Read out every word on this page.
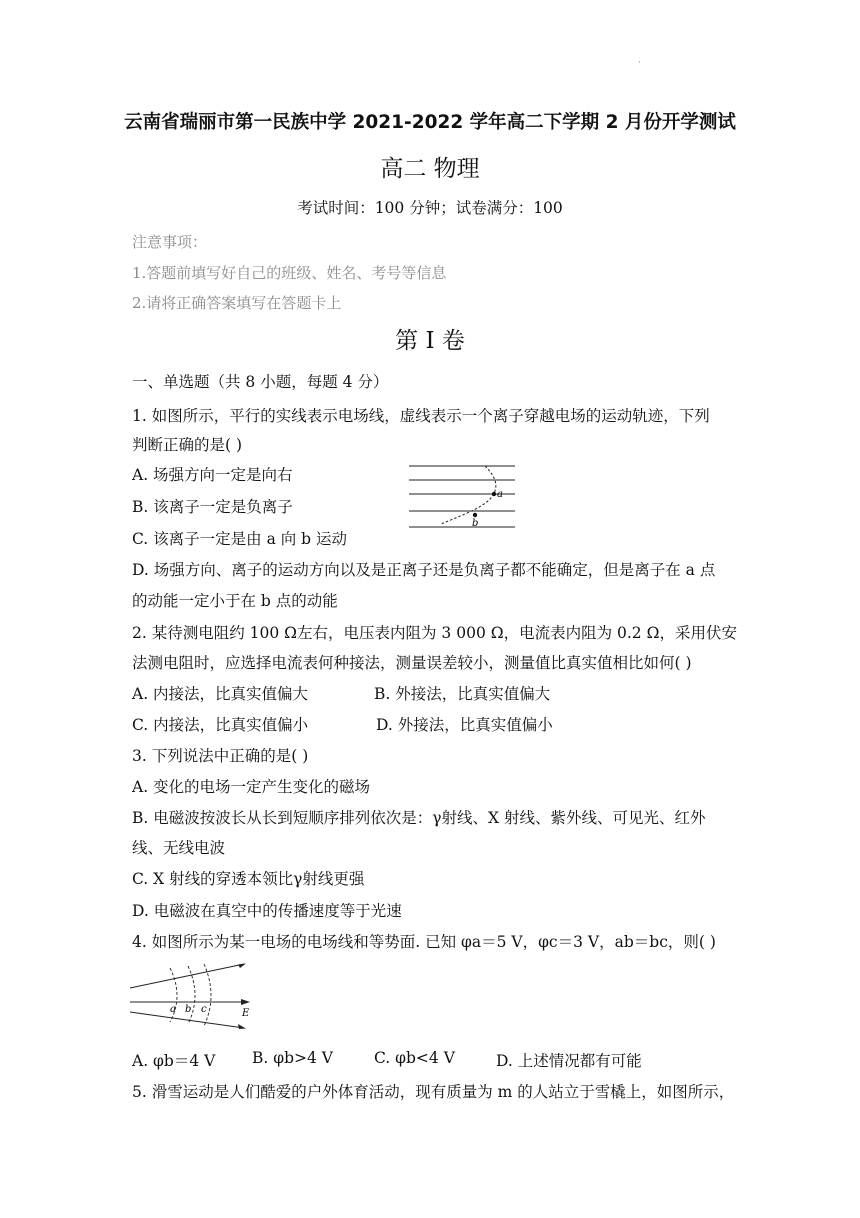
·
云南省瑞丽市第一民族中学 2021-2022 学年高二下学期 2 月份开学测试
高二 物理
考试时间：100 分钟；试卷满分：100
注意事项：
1.答题前填写好自己的班级、姓名、考号等信息
2.请将正确答案填写在答题卡上
第 I 卷
一、单选题（共 8 小题，每题 4 分）
1. 如图所示，平行的实线表示电场线，虚线表示一个离子穿越电场的运动轨迹，下列
判断正确的是( )
A. 场强方向一定是向右
B. 该离子一定是负离子
C. 该离子一定是由 a 向 b 运动
a
b
D. 场强方向、离子的运动方向以及是正离子还是负离子都不能确定，但是离子在 a 点
的动能一定小于在 b 点的动能
2. 某待测电阻约 100 Ω左右，电压表内阻为 3 000 Ω，电流表内阻为 0.2 Ω，采用伏安
法测电阻时，应选择电流表何种接法，测量误差较小，测量值比真实值相比如何( )
A. 内接法，比真实值偏大	B. 外接法，比真实值偏大
C. 内接法，比真实值偏小	D. 外接法，比真实值偏小
3. 下列说法中正确的是( )
A. 变化的电场一定产生变化的磁场
B. 电磁波按波长从长到短顺序排列依次是：γ射线、X 射线、紫外线、可见光、红外
线、无线电波
C. X 射线的穿透本领比γ射线更强
D. 电磁波在真空中的传播速度等于光速
4. 如图所示为某一电场的电场线和等势面. 已知 φa＝5 V，φc＝3 V，ab＝bc，则( )
a b c	E
A. φb＝4 V B. φb>4 V	C. φb<4 V	D. 上述情况都有可能
5. 滑雪运动是人们酷爱的户外体育活动，现有质量为 m 的人站立于雪橇上，如图所示，
